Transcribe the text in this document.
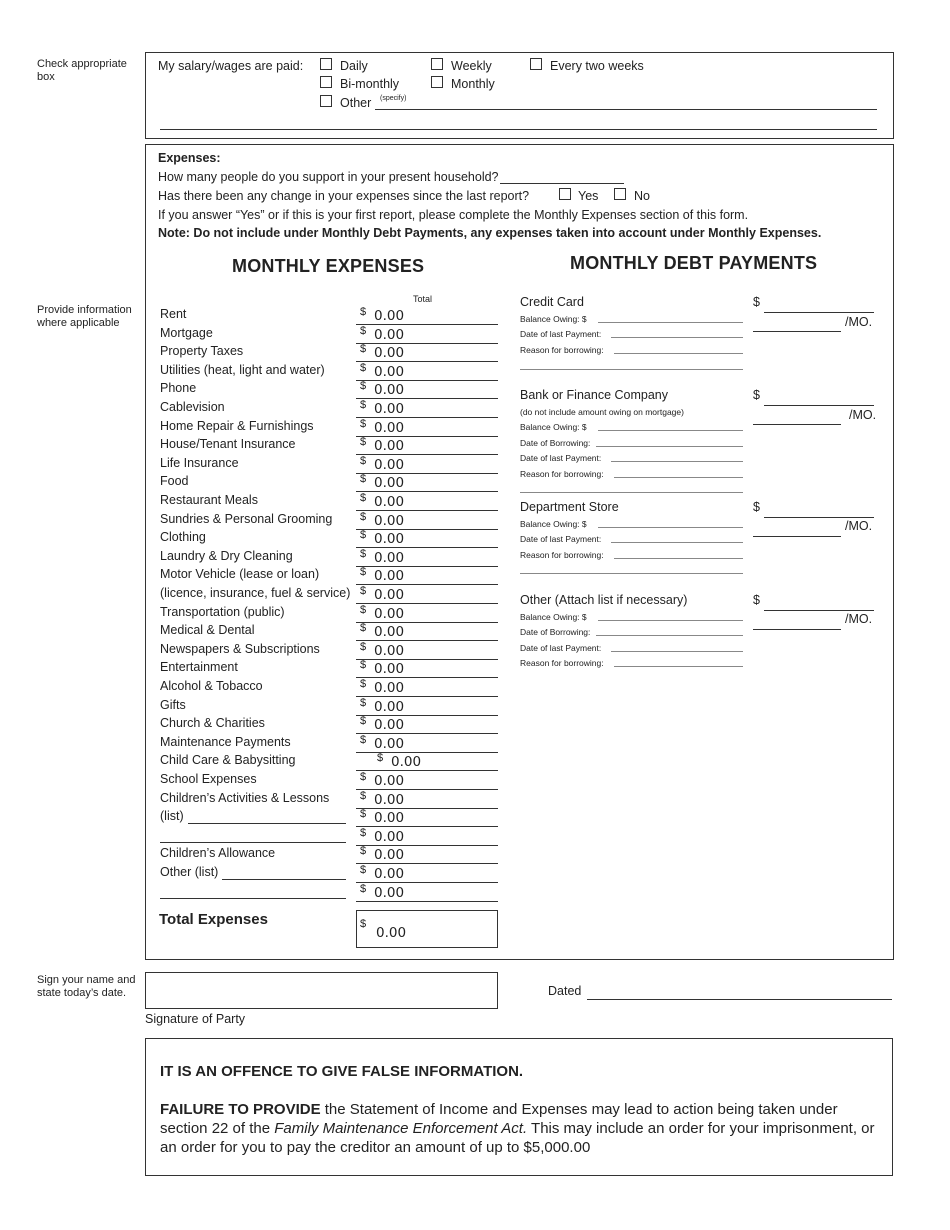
Check appropriate box
Provide information where applicable
Sign your name and state today’s date.
My salary/wages are paid:	Daily	Weekly	Every two weeks
Bi-monthly	Monthly
Other (specify)
Expenses:
How many people do you support in your present household?
Has there been any change in your expenses since the last report?	Yes	No
If you answer “Yes” or if this is your first report, please complete the Monthly Expenses section of this form.
Note: Do not include under Monthly Debt Payments, any expenses taken into account under Monthly Expenses.
MONTHLY EXPENSES	MONTHLY DEBT PAYMENTS
Total
Rent	$ 0.00
Mortgage	$ 0.00
Property Taxes	$ 0.00
Utilities (heat, light and water)	$ 0.00
Phone	$ 0.00
Cablevision	$ 0.00
Home Repair & Furnishings	$ 0.00
House/Tenant Insurance	$ 0.00
Life Insurance	$ 0.00
Food	$ 0.00
Restaurant Meals	$ 0.00
Sundries & Personal Grooming	$ 0.00
Clothing	$ 0.00
Laundry & Dry Cleaning	$ 0.00
Motor Vehicle (lease or loan)	$ 0.00
(licence, insurance, fuel & service) $ 0.00
Transportation (public)	$ 0.00
Medical & Dental	$ 0.00
Newspapers & Subscriptions	$ 0.00
Entertainment	$ 0.00
Alcohol & Tobacco	$ 0.00
Gifts	$ 0.00
Church & Charities	$ 0.00
Maintenance Payments	$ 0.00
Child Care & Babysitting	$ 0.00
School Expenses	$ 0.00
Children’s Activities & Lessons	$ 0.00
(list)	$ 0.00
$ 0.00
Children’s Allowance	$ 0.00
Other (list)	$ 0.00
$ 0.00
Total Expenses	$
0.00
Credit Card
Balance Owing: $
Date of last Payment:
Reason for borrowing:
$
/MO.
Bank or Finance Company
(do not include amount owing on mortgage)
Balance Owing: $
Date of Borrowing:
Date of last Payment:
Reason for borrowing:
$
/MO.
Department Store
Balance Owing: $
Date of last Payment:
Reason for borrowing:
$
/MO.
Other (Attach list if necessary)
Balance Owing: $
Date of Borrowing:
Date of last Payment:
Reason for borrowing:
$
/MO.
Signature of Party
Dated
IT IS AN OFFENCE TO GIVE FALSE INFORMATION.
FAILURE TO PROVIDE the Statement of Income and Expenses may lead to action being taken under section 22 of the Family Maintenance Enforcement Act. This may include an order for your imprisonment, or an order for you to pay the creditor an amount of up to $5,000.00
